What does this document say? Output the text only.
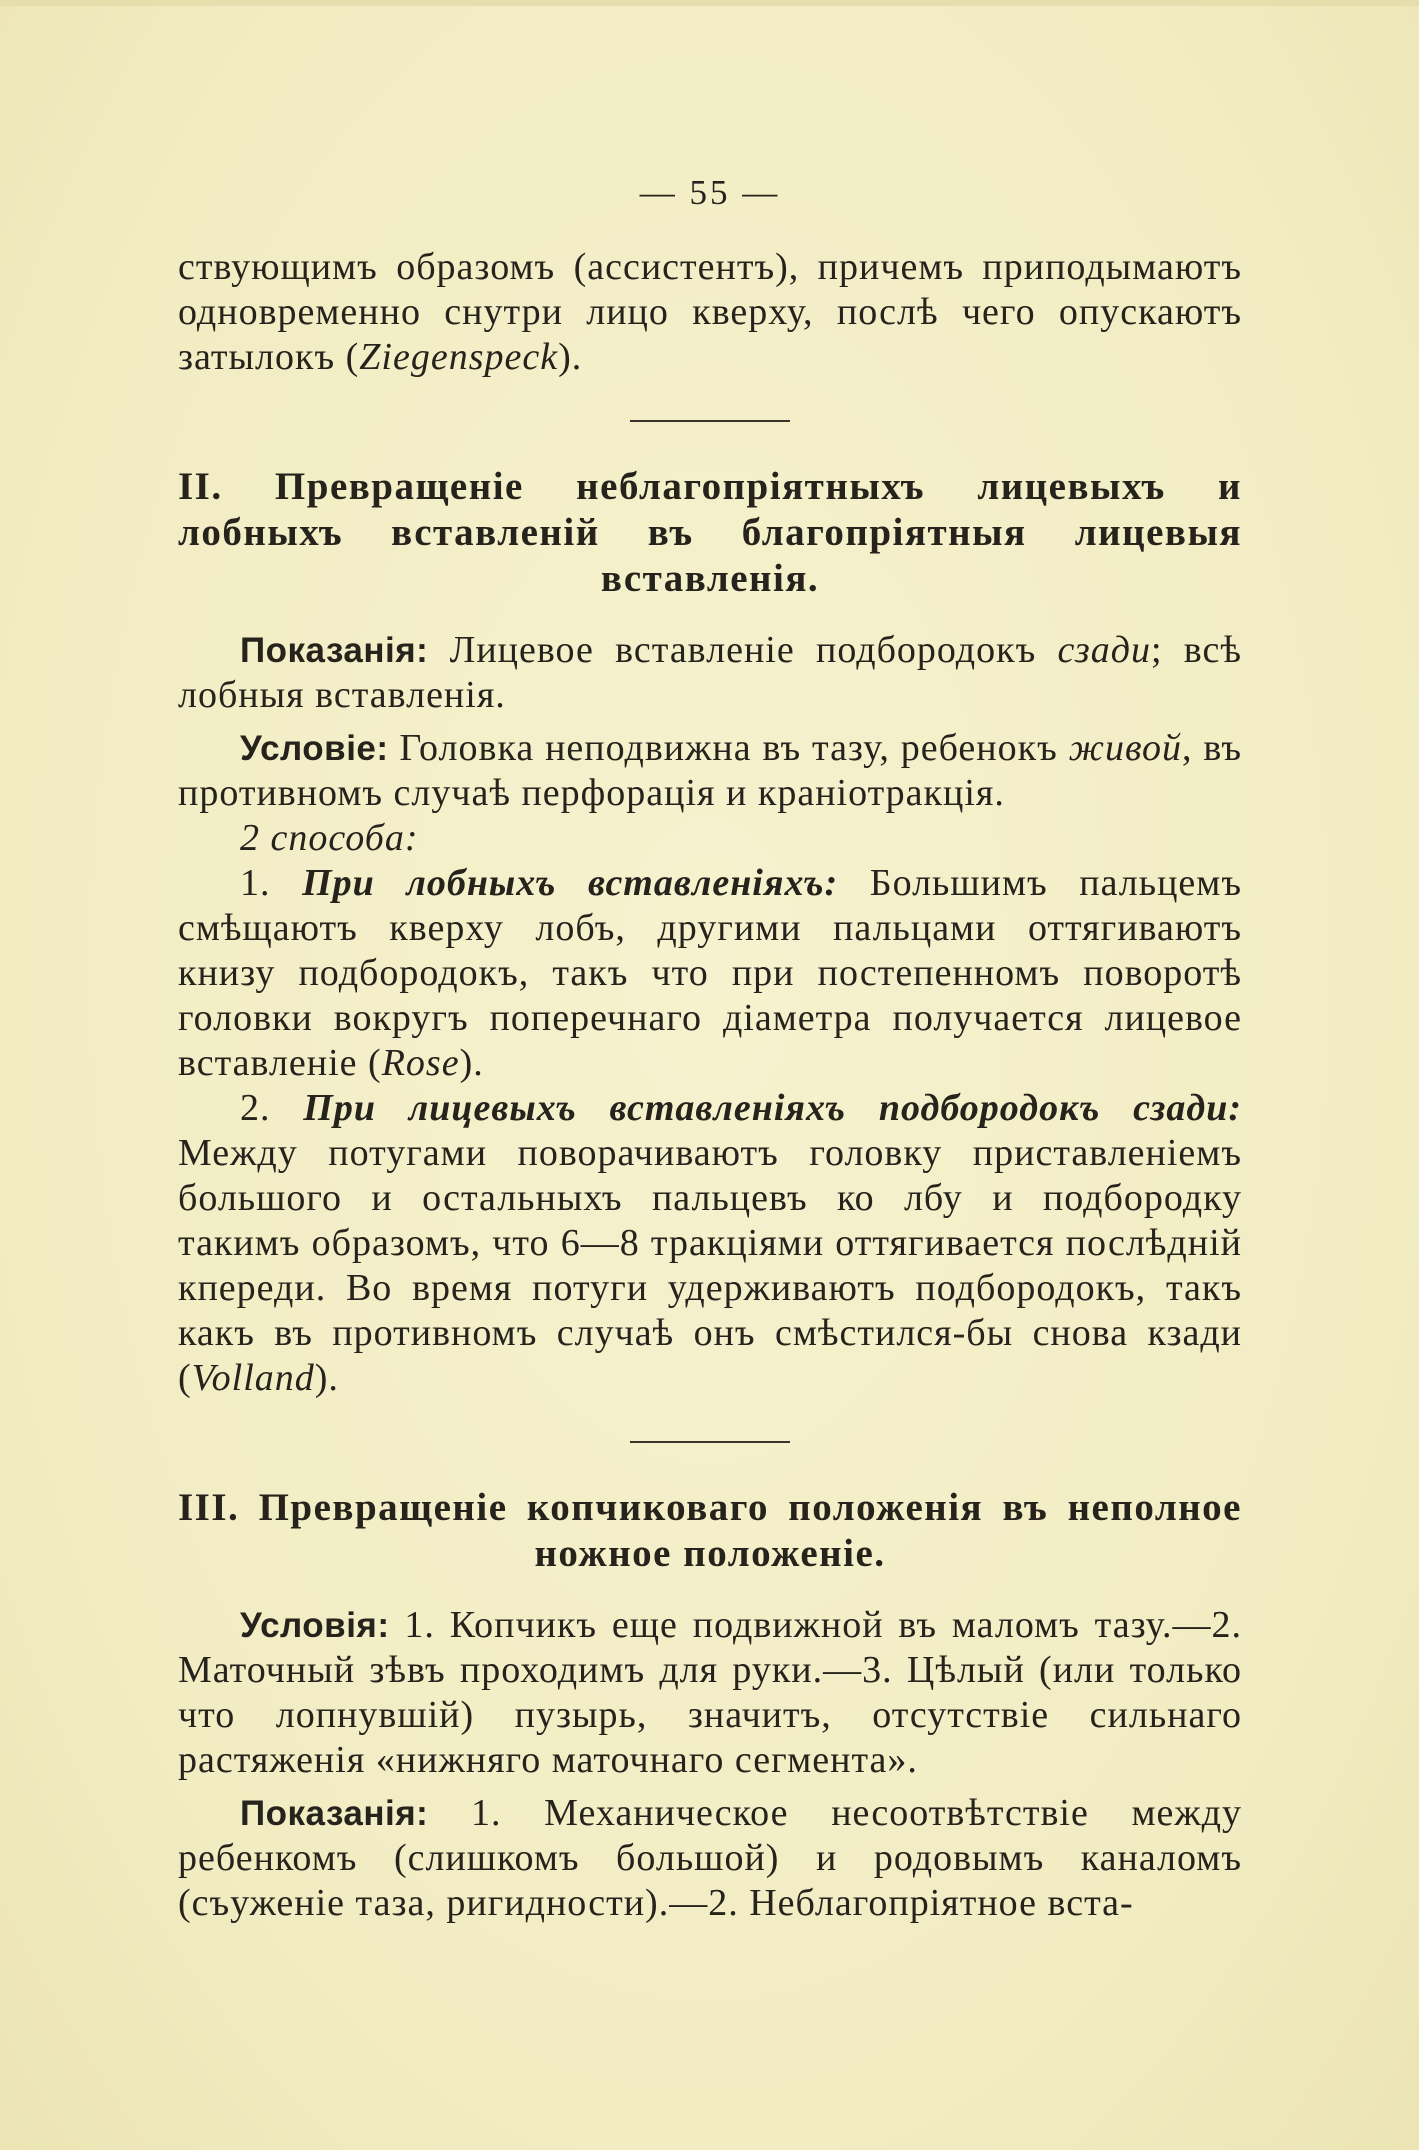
— 55 —

ствующимъ образомъ (ассистентъ), причемъ приподымаютъ одновременно снутри лицо кверху, послѣ чего опускаютъ затылокъ (Ziegenspeck).

II. Превращеніе неблагопріятныхъ лицевыхъ и лобныхъ вставленій въ благопріятныя лицевыя вставленія.

Показанія: Лицевое вставленіе подбородокъ сзади; всѣ лобныя вставленія.

Условіе: Головка неподвижна въ тазу, ребенокъ живой, въ противномъ случаѣ перфорація и краніотракція.

2 способа:

1. При лобныхъ вставленіяхъ: Большимъ пальцемъ смѣщаютъ кверху лобъ, другими пальцами оттягиваютъ книзу подбородокъ, такъ что при постепенномъ поворотѣ головки вокругъ поперечнаго діаметра получается лицевое вставленіе (Rose).

2. При лицевыхъ вставленіяхъ подбородокъ сзади: Между потугами поворачиваютъ головку приставленіемъ большого и остальныхъ пальцевъ ко лбу и подбородку такимъ образомъ, что 6—8 тракціями оттягивается послѣдній кпереди. Во время потуги удерживаютъ подбородокъ, такъ какъ въ противномъ случаѣ онъ смѣстился-бы снова кзади (Volland).

III. Превращеніе копчиковаго положенія въ неполное ножное положеніе.

Условія: 1. Копчикъ еще подвижной въ маломъ тазу.—2. Маточный зѣвъ проходимъ для руки.—3. Цѣлый (или только что лопнувшій) пузырь, значитъ, отсутствіе сильнаго растяженія «нижняго маточнаго сегмента».

Показанія: 1. Механическое несоотвѣтствіе между ребенкомъ (слишкомъ большой) и родовымъ каналомъ (съуженіе таза, ригидности).—2. Неблагопріятное вста-
